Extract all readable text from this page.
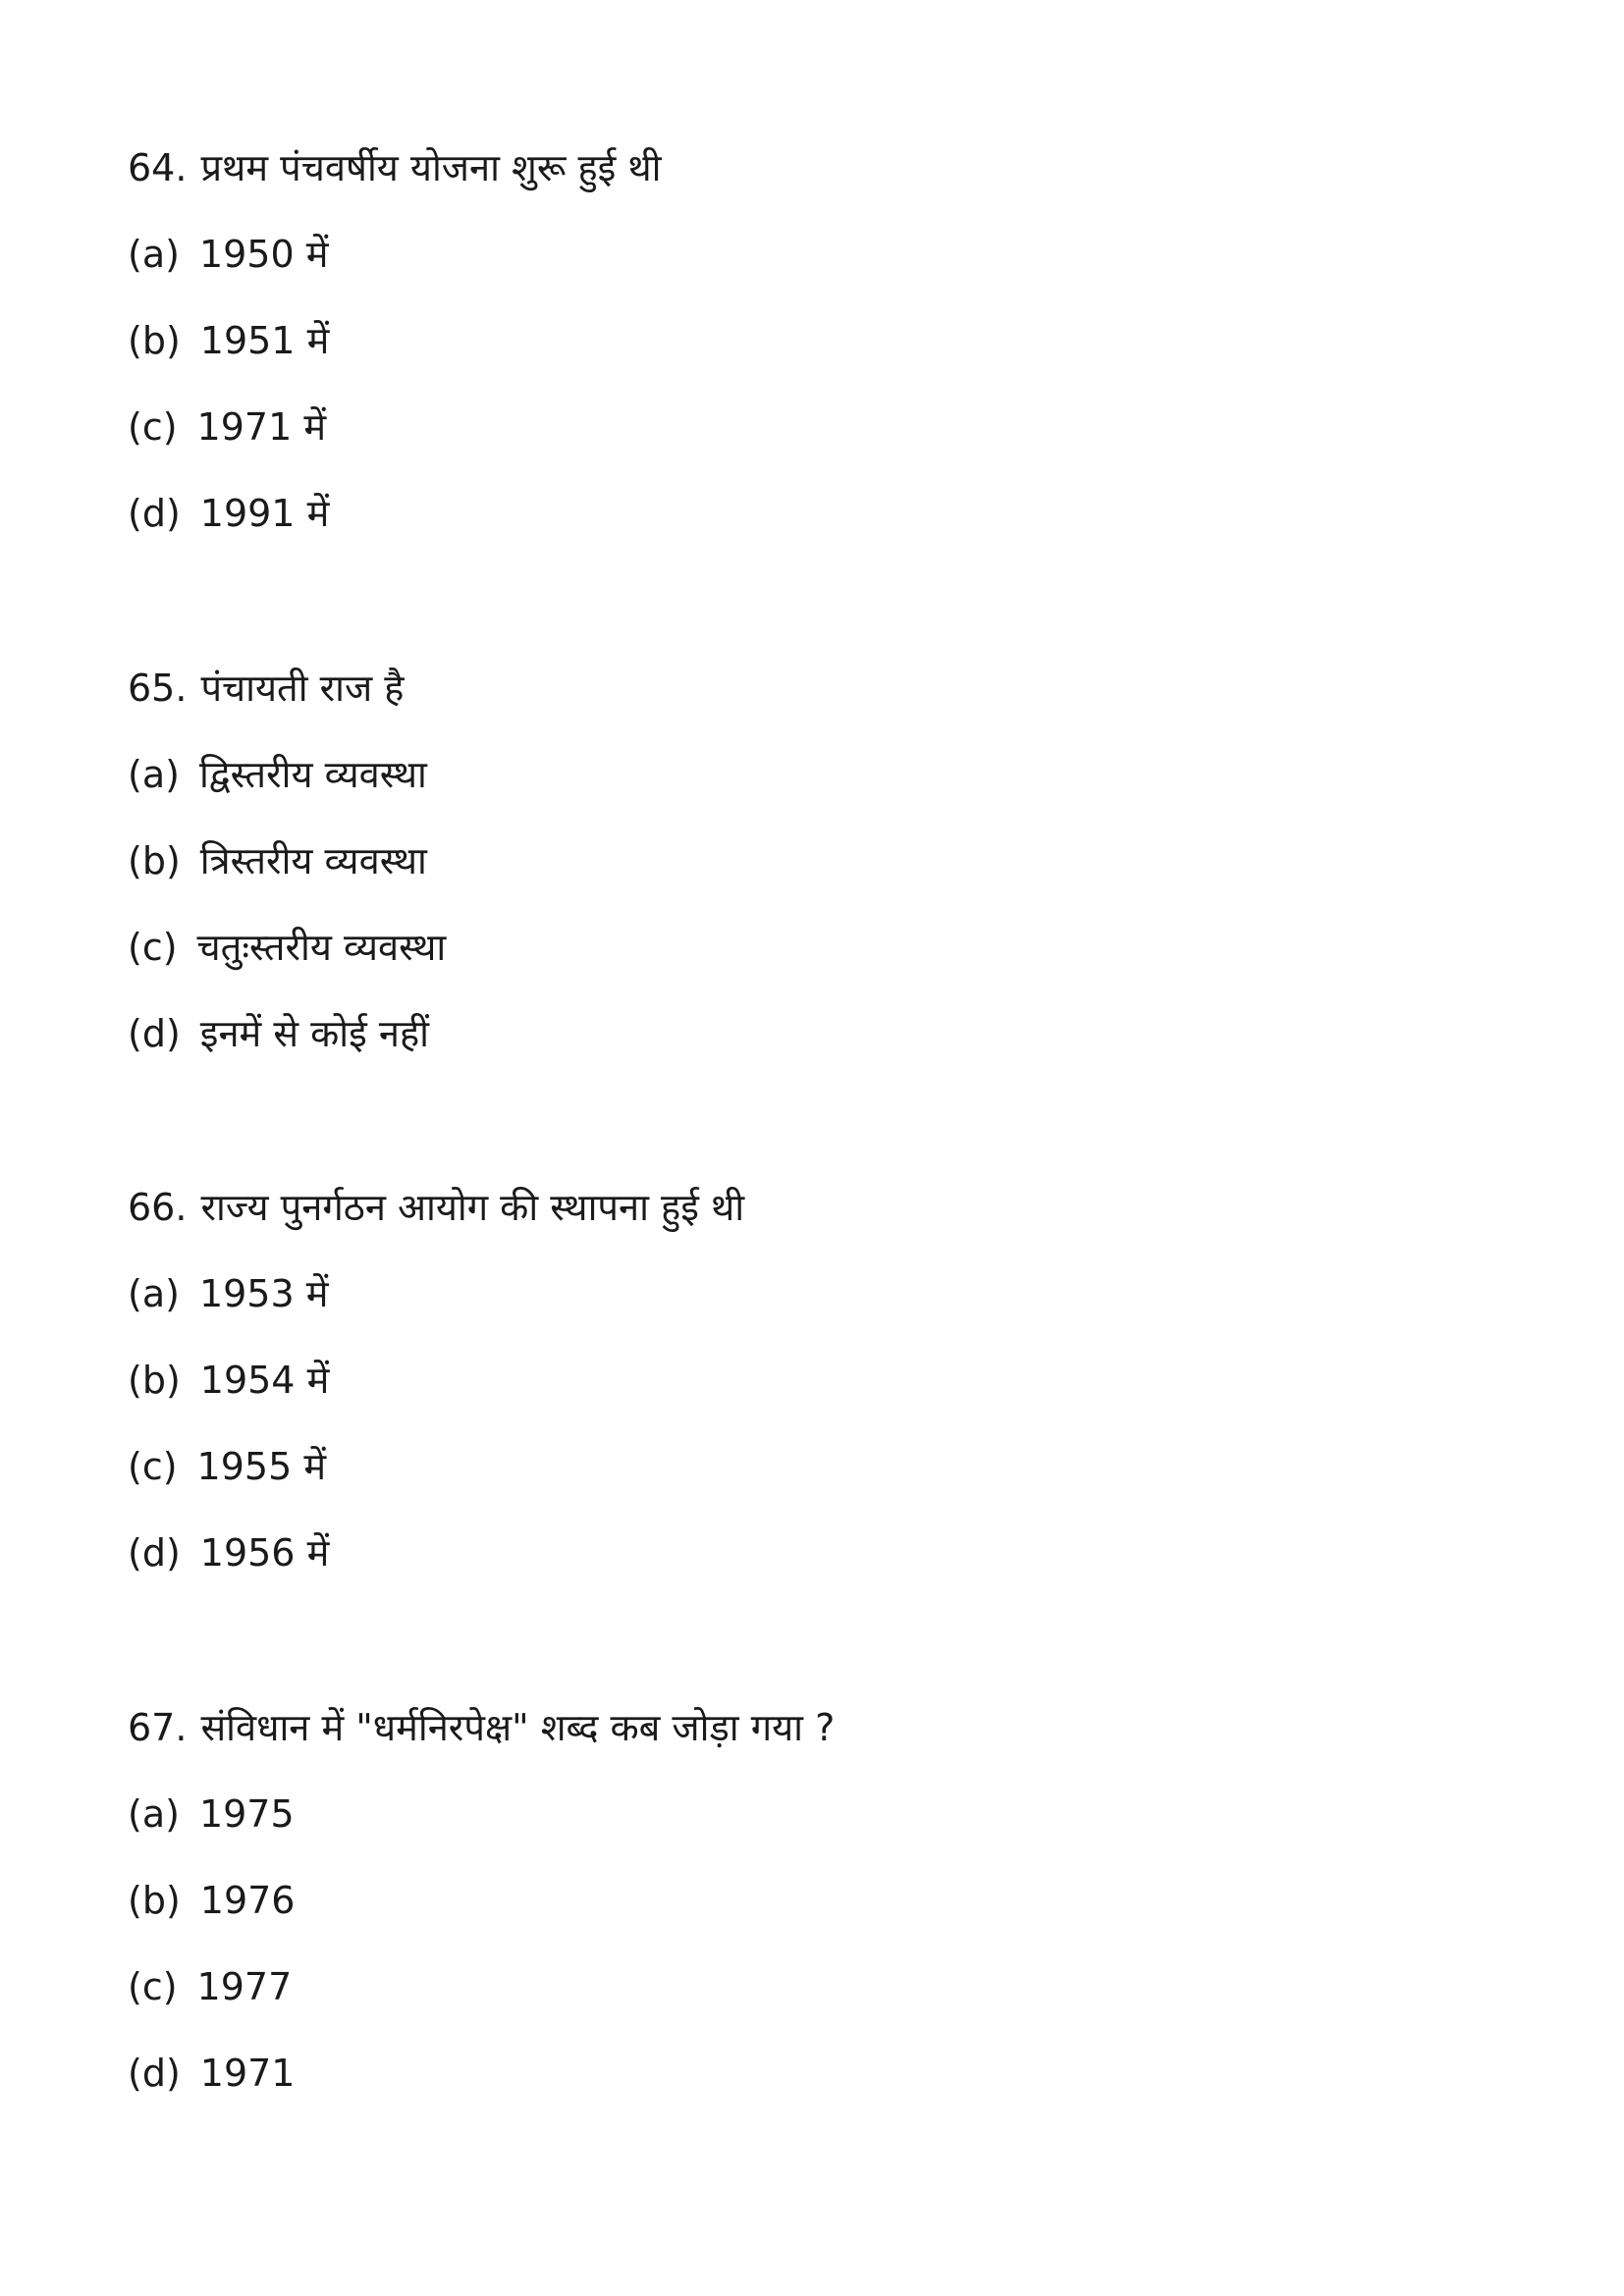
64. प्रथम पंचवर्षीय योजना शुरू हुई थी
(a) 1950 में
(b) 1951 में
(c) 1971 में
(d) 1991 में
65. पंचायती राज है
(a) द्विस्तरीय व्यवस्था
(b) त्रिस्तरीय व्यवस्था
(c) चतुःस्तरीय व्यवस्था
(d) इनमें से कोई नहीं
66. राज्य पुनर्गठन आयोग की स्थापना हुई थी
(a) 1953 में
(b) 1954 में
(c) 1955 में
(d) 1956 में
67. संविधान में "धर्मनिरपेक्ष" शब्द कब जोड़ा गया ?
(a) 1975
(b) 1976
(c) 1977
(d) 1971
